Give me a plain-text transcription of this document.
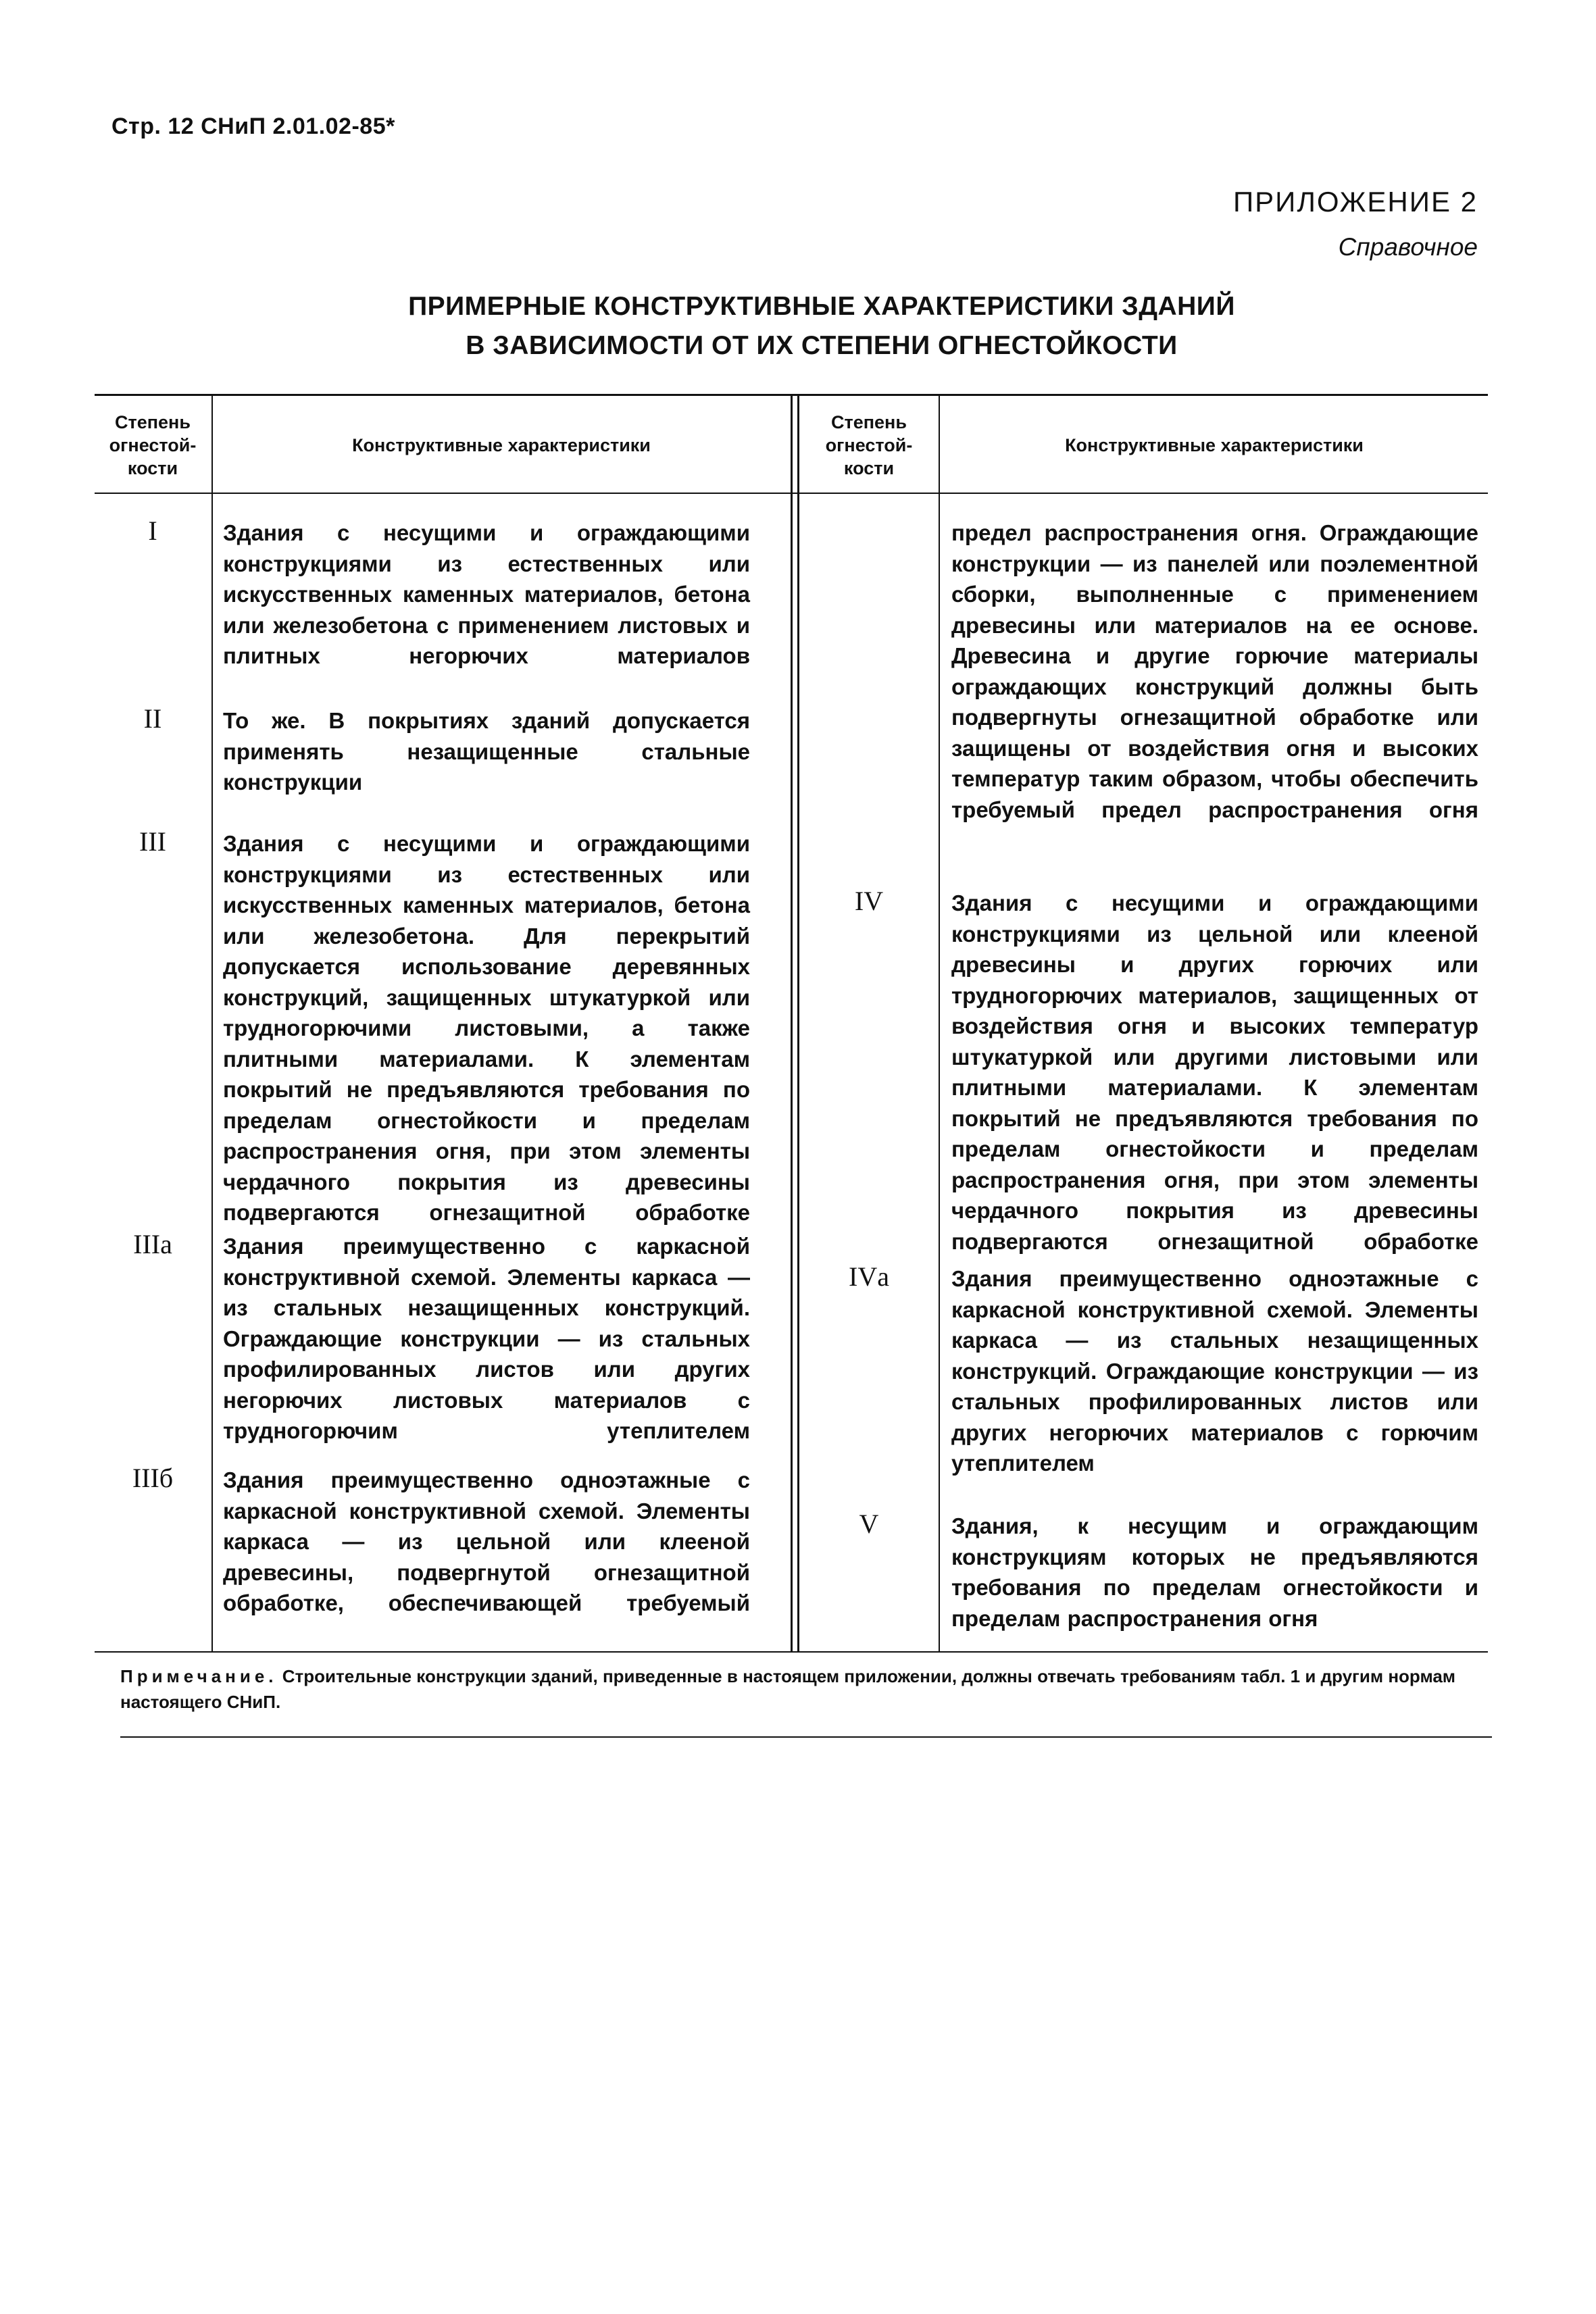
Стр. 12 СНиП 2.01.02-85*
ПРИЛОЖЕНИЕ 2
Справочное
ПРИМЕРНЫЕ КОНСТРУКТИВНЫЕ ХАРАКТЕРИСТИКИ ЗДАНИЙ
В ЗАВИСИМОСТИ ОТ ИХ СТЕПЕНИ ОГНЕСТОЙКОСТИ
Степень
огнестой-
кости
Конструктивные характеристики
Степень
огнестой-
кости
Конструктивные характеристики
I	Здания с несущими и ограждающими конструкциями из естественных или искусственных каменных материалов, бетона или железобетона с применением листовых и плитных негорючих материалов
II	То же. В покрытиях зданий допускается применять незащищенные стальные конструкции
III	Здания с несущими и ограждающими конструкциями из естественных или искусственных каменных материалов, бетона или железобетона. Для перекрытий допускается использование деревянных конструкций, защищенных штукатуркой или трудногорючими листовыми, а также плитными материалами. К элементам покрытий не предъявляются требования по пределам огнестойкости и пределам распространения огня, при этом элементы чердачного покрытия из древесины подвергаются огнезащитной обработке
IIIа	Здания преимущественно с каркасной конструктивной схемой. Элементы каркаса — из стальных незащищенных конструкций. Ограждающие конструкции — из стальных профилированных листов или других негорючих листовых материалов с трудногорючим утеплителем
IIIб	Здания преимущественно одноэтажные с каркасной конструктивной схемой. Элементы каркаса — из цельной или клееной древесины, подвергнутой огнезащитной обработке, обеспечивающей требуемый
предел распространения огня. Ограждающие конструкции — из панелей или поэлементной сборки, выполненные с применением древесины или материалов на ее основе. Древесина и другие горючие материалы ограждающих конструкций должны быть подвергнуты огнезащитной обработке или защищены от воздействия огня и высоких температур таким образом, чтобы обеспечить требуемый предел распространения огня
IV	Здания с несущими и ограждающими конструкциями из цельной или клееной древесины и других горючих или трудногорючих материалов, защищенных от воздействия огня и высоких температур штукатуркой или другими листовыми или плитными материалами. К элементам покрытий не предъявляются требования по пределам огнестойкости и пределам распространения огня, при этом элементы чердачного покрытия из древесины подвергаются огнезащитной обработке
IVа	Здания преимущественно одноэтажные с каркасной конструктивной схемой. Элементы каркаса — из стальных незащищенных конструкций. Ограждающие конструкции — из стальных профилированных листов или других негорючих материалов с горючим утеплителем
V	Здания, к несущим и ограждающим конструкциям которых не предъявляются требования по пределам огнестойкости и пределам распространения огня
Примечание. Строительные конструкции зданий, приведенные в настоящем приложении, должны отвечать требованиям табл. 1 и другим нормам настоящего СНиП.
